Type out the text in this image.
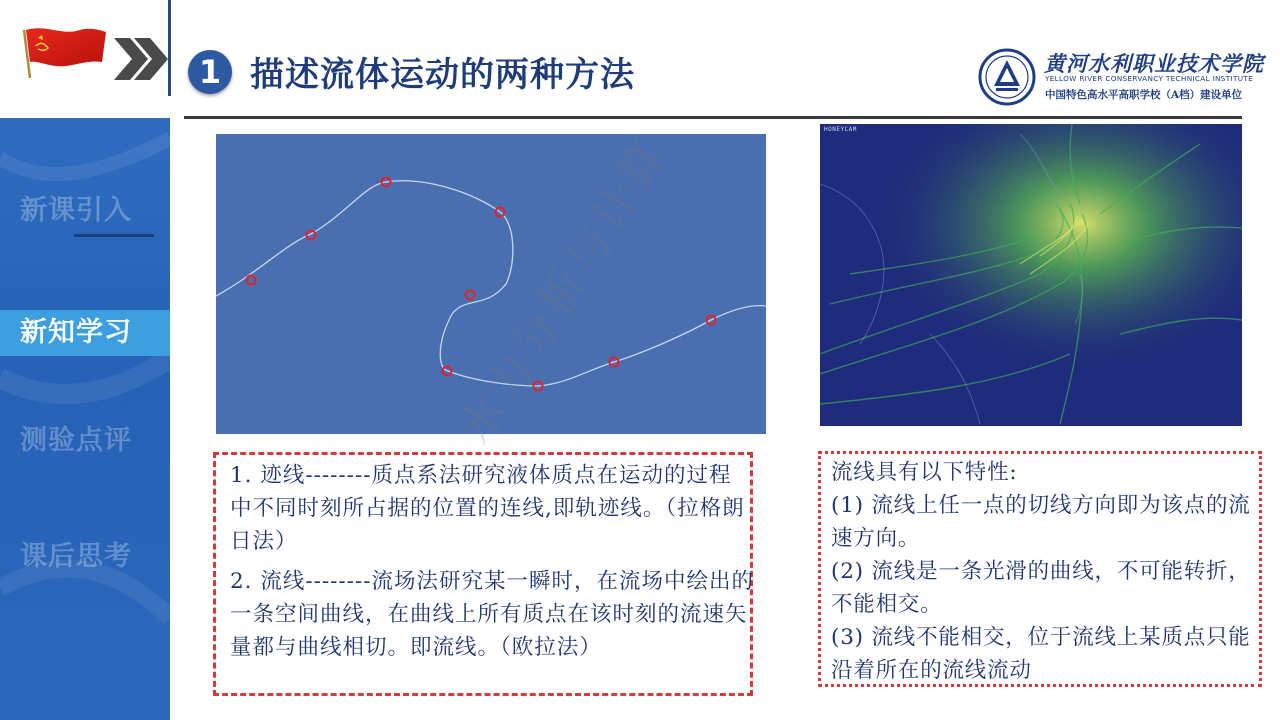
1 描述流体运动的两种方法	黄河水利职业技术学院
YELLOW RIVER CONSERVANCY TECHNICAL INSTITUTE
中国特色高水平高职学校（A档）建设单位
新课引入
新知学习
测验点评
课后思考
HONEYCAM
1. 迹线--------质点系法研究液体质点在运动的过程中不同时刻所占据的位置的连线,即轨迹线。（拉格朗日法）
2. 流线--------流场法研究某一瞬时，在流场中绘出的一条空间曲线，在曲线上所有质点在该时刻的流速矢量都与曲线相切。即流线。（欧拉法）
流线具有以下特性:
(1) 流线上任一点的切线方向即为该点的流速方向。
(2) 流线是一条光滑的曲线，不可能转折，不能相交。
(3) 流线不能相交，位于流线上某质点只能沿着所在的流线流动
水力分析与计算
